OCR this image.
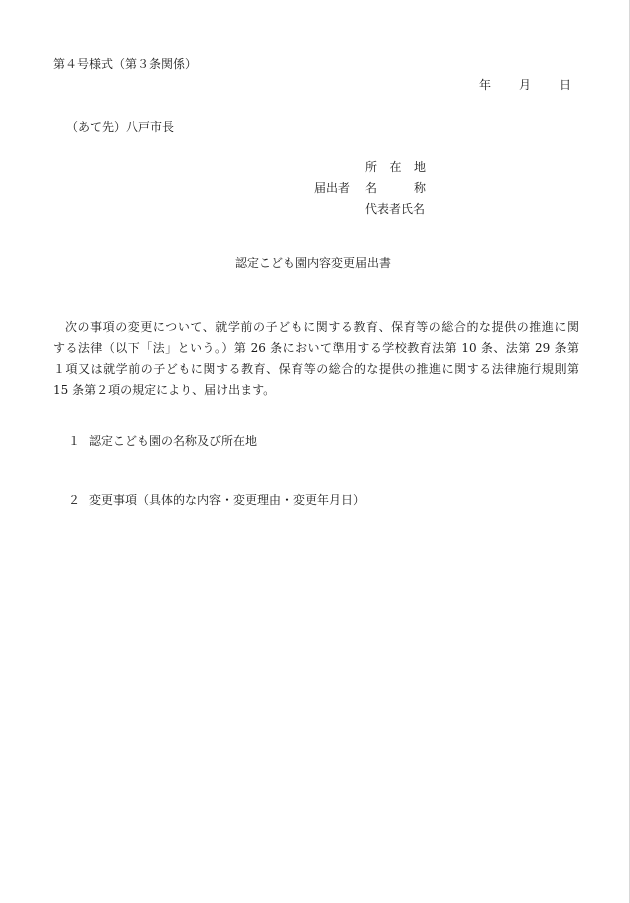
第４号様式（第３条関係）
年 月 日
（あて先）八戸市長
所 在 地
届出者	名	称
代表者氏名
認定こども園内容変更届出書
次の事項の変更について、就学前の子どもに関する教育、保育等の総合的な提供の推進に関
する法律（以下「法」という。）第 26 条において準用する学校教育法第 10 条、法第 29 条第
１項又は就学前の子どもに関する教育、保育等の総合的な提供の推進に関する法律施行規則第
15 条第２項の規定により、届け出ます。
１ 認定こども園の名称及び所在地
２ 変更事項（具体的な内容・変更理由・変更年月日）
